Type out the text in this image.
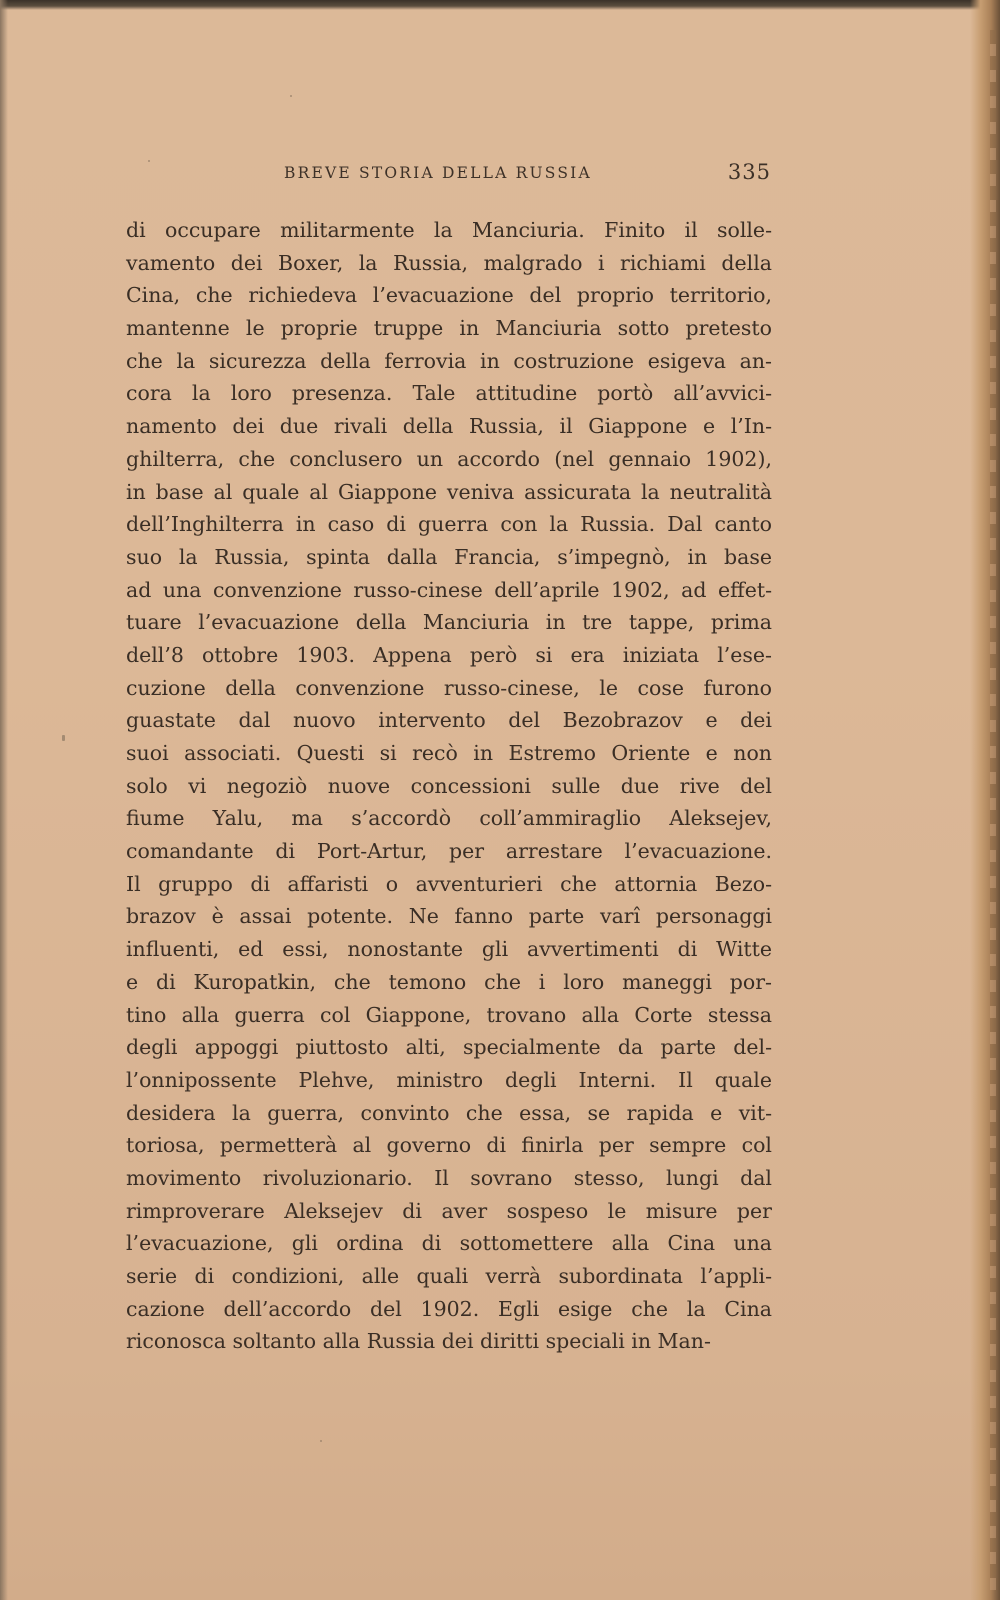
BREVE STORIA DELLA RUSSIA	335
di occupare militarmente la Manciuria. Finito il solle-
vamento dei Boxer, la Russia, malgrado i richiami della
Cina, che richiedeva l’evacuazione del proprio territorio,
mantenne le proprie truppe in Manciuria sotto pretesto
che la sicurezza della ferrovia in costruzione esigeva an-
cora la loro presenza. Tale attitudine portò all’avvici-
namento dei due rivali della Russia, il Giappone e l’In-
ghilterra, che conclusero un accordo (nel gennaio 1902),
in base al quale al Giappone veniva assicurata la neutralità
dell’Inghilterra in caso di guerra con la Russia. Dal canto
suo la Russia, spinta dalla Francia, s’impegnò, in base
ad una convenzione russo-cinese dell’aprile 1902, ad effet-
tuare l’evacuazione della Manciuria in tre tappe, prima
dell’8 ottobre 1903. Appena però si era iniziata l’ese-
cuzione della convenzione russo-cinese, le cose furono
guastate dal nuovo intervento del Bezobrazov e dei
suoi associati. Questi si recò in Estremo Oriente e non
solo vi negoziò nuove concessioni sulle due rive del
fiume Yalu, ma s’accordò coll’ammiraglio Aleksejev,
comandante di Port-Artur, per arrestare l’evacuazione.
Il gruppo di affaristi o avventurieri che attornia Bezo-
brazov è assai potente. Ne fanno parte varî personaggi
influenti, ed essi, nonostante gli avvertimenti di Witte
e di Kuropatkin, che temono che i loro maneggi por-
tino alla guerra col Giappone, trovano alla Corte stessa
degli appoggi piuttosto alti, specialmente da parte del-
l’onnipossente Plehve, ministro degli Interni. Il quale
desidera la guerra, convinto che essa, se rapida e vit-
toriosa, permetterà al governo di finirla per sempre col
movimento rivoluzionario. Il sovrano stesso, lungi dal
rimproverare Aleksejev di aver sospeso le misure per
l’evacuazione, gli ordina di sottomettere alla Cina una
serie di condizioni, alle quali verrà subordinata l’appli-
cazione dell’accordo del 1902. Egli esige che la Cina
riconosca soltanto alla Russia dei diritti speciali in Man-
